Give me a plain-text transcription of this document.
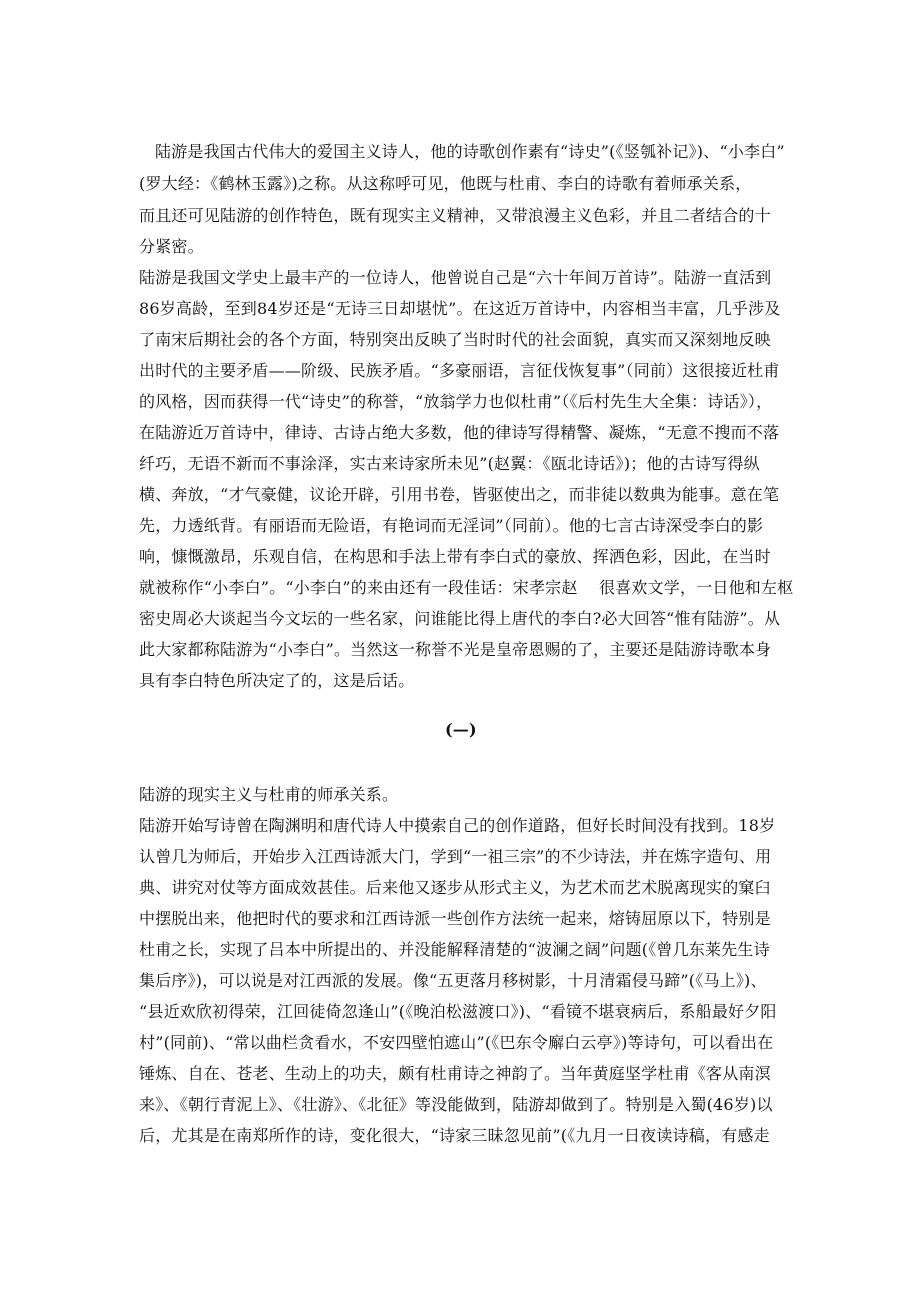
陆游是我国古代伟大的爱国主义诗人，他的诗歌创作素有“诗史”(《竖瓠补记》)、“小李白”
(罗大经：《鹤林玉露》)之称。从这称呼可见，他既与杜甫、李白的诗歌有着师承关系，
而且还可见陆游的创作特色，既有现实主义精神，又带浪漫主义色彩，并且二者结合的十
分紧密。
陆游是我国文学史上最丰产的一位诗人，他曾说自己是“六十年间万首诗”。陆游一直活到
86岁高龄，至到84岁还是“无诗三日却堪忧”。在这近万首诗中，内容相当丰富，几乎涉及
了南宋后期社会的各个方面，特别突出反映了当时时代的社会面貌，真实而又深刻地反映
出时代的主要矛盾——阶级、民族矛盾。“多豪丽语，言征伐恢复事”（同前）这很接近杜甫
的风格，因而获得一代“诗史”的称誉，“放翁学力也似杜甫”（《后村先生大全集：诗话》），
在陆游近万首诗中，律诗、古诗占绝大多数，他的律诗写得精警、凝炼，“无意不搜而不落
纤巧，无语不新而不事涂泽，实古来诗家所未见”(赵翼：《瓯北诗话》)；他的古诗写得纵
横、奔放，“才气豪健，议论开辟，引用书卷，皆驱使出之，而非徒以数典为能事。意在笔
先，力透纸背。有丽语而无险语，有艳词而无淫词”（同前）。他的七言古诗深受李白的影
响，慷慨激昂，乐观自信，在构思和手法上带有李白式的豪放、挥洒色彩，因此，在当时
就被称作“小李白”。“小李白”的来由还有一段佳话：宋孝宗赵　 很喜欢文学，一日他和左枢
密史周必大谈起当今文坛的一些名家，问谁能比得上唐代的李白?必大回答“惟有陆游”。从
此大家都称陆游为“小李白”。当然这一称誉不光是皇帝恩赐的了，主要还是陆游诗歌本身
具有李白特色所决定了的，这是后话。
(—)
陆游的现实主义与杜甫的师承关系。
陆游开始写诗曾在陶渊明和唐代诗人中摸索自己的创作道路，但好长时间没有找到。18岁
认曾几为师后，开始步入江西诗派大门，学到“一祖三宗”的不少诗法，并在炼字造句、用
典、讲究对仗等方面成效甚佳。后来他又逐步从形式主义，为艺术而艺术脱离现实的窠臼
中摆脱出来，他把时代的要求和江西诗派一些创作方法统一起来，熔铸屈原以下，特别是
杜甫之长，实现了吕本中所提出的、并没能解释清楚的“波澜之阔”问题(《曾几东莱先生诗
集后序》)，可以说是对江西派的发展。像“五更落月移树影，十月清霜侵马蹄”(《马上》)、
“县近欢欣初得荣，江回徒倚忽逢山”(《晚泊松滋渡口》)、“看镜不堪衰病后，系船最好夕阳
村”(同前)、“常以曲栏贪看水，不安四壁怕遮山”(《巴东令廨白云亭》)等诗句，可以看出在
锤炼、自在、苍老、生动上的功夫，颇有杜甫诗之神韵了。当年黄庭坚学杜甫《客从南溟
来》、《朝行青泥上》、《壮游》、《北征》等没能做到，陆游却做到了。特别是入蜀(46岁)以
后，尤其是在南郑所作的诗，变化很大，“诗家三昧忽见前”(《九月一日夜读诗稿，有感走
